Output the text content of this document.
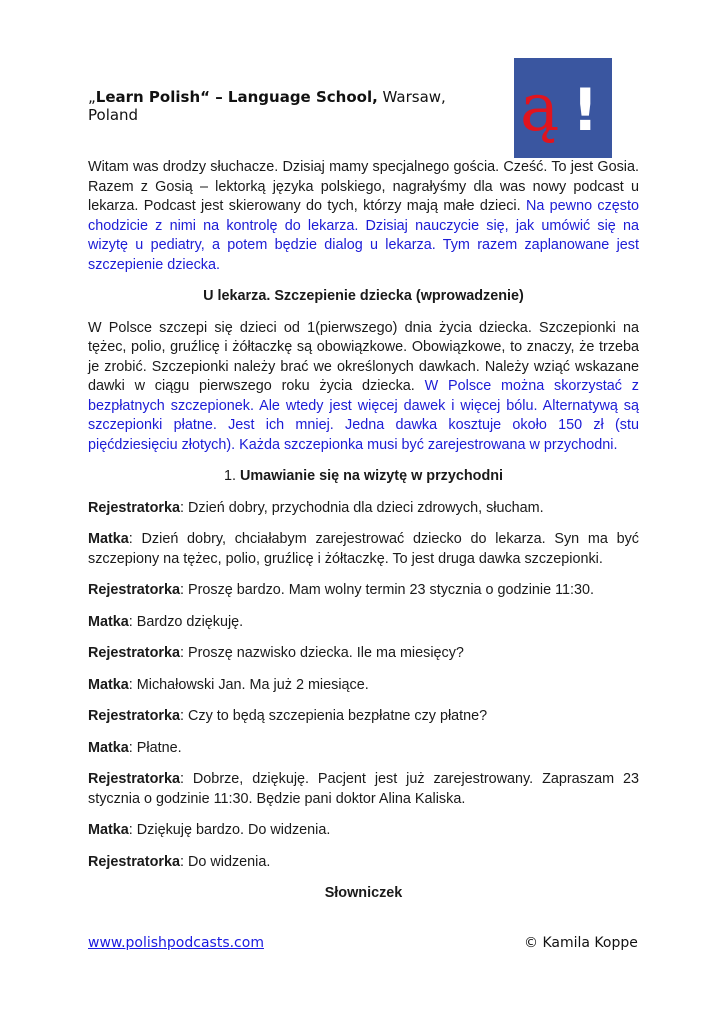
„Learn Polish“ – Language School, Warsaw, Poland	ą !

Witam was drodzy słuchacze. Dzisiaj mamy specjalnego gościa. Cześć. To jest Gosia. Razem z Gosią – lektorką języka polskiego, nagrałyśmy dla was nowy podcast u lekarza. Podcast jest skierowany do tych, którzy mają małe dzieci. Na pewno często chodzicie z nimi na kontrolę do lekarza. Dzisiaj nauczycie się, jak umówić się na wizytę u pediatry, a potem będzie dialog u lekarza. Tym razem zaplanowane jest szczepienie dziecka.

U lekarza. Szczepienie dziecka (wprowadzenie)

W Polsce szczepi się dzieci od 1(pierwszego) dnia życia dziecka. Szczepionki na tężec, polio, gruźlicę i żółtaczkę są obowiązkowe. Obowiązkowe, to znaczy, że trzeba je zrobić. Szczepionki należy brać we określonych dawkach. Należy wziąć wskazane dawki w ciągu pierwszego roku życia dziecka. W Polsce można skorzystać z bezpłatnych szczepionek. Ale wtedy jest więcej dawek i więcej bólu. Alternatywą są szczepionki płatne. Jest ich mniej. Jedna dawka kosztuje około 150 zł (stu pięćdziesięciu złotych). Każda szczepionka musi być zarejestrowana w przychodni.

1. Umawianie się na wizytę w przychodni

Rejestratorka: Dzień dobry, przychodnia dla dzieci zdrowych, słucham.

Matka: Dzień dobry, chciałabym zarejestrować dziecko do lekarza. Syn ma być szczepiony na tężec, polio, gruźlicę i żółtaczkę. To jest druga dawka szczepionki.

Rejestratorka: Proszę bardzo. Mam wolny termin 23 stycznia o godzinie 11:30.

Matka: Bardzo dziękuję.

Rejestratorka: Proszę nazwisko dziecka. Ile ma miesięcy?

Matka: Michałowski Jan. Ma już 2 miesiące.

Rejestratorka: Czy to będą szczepienia bezpłatne czy płatne?

Matka: Płatne.

Rejestratorka: Dobrze, dziękuję. Pacjent jest już zarejestrowany. Zapraszam 23 stycznia o godzinie 11:30. Będzie pani doktor Alina Kaliska.

Matka: Dziękuję bardzo. Do widzenia.

Rejestratorka: Do widzenia.

Słowniczek

www.polishpodcasts.com	© Kamila Koppe
